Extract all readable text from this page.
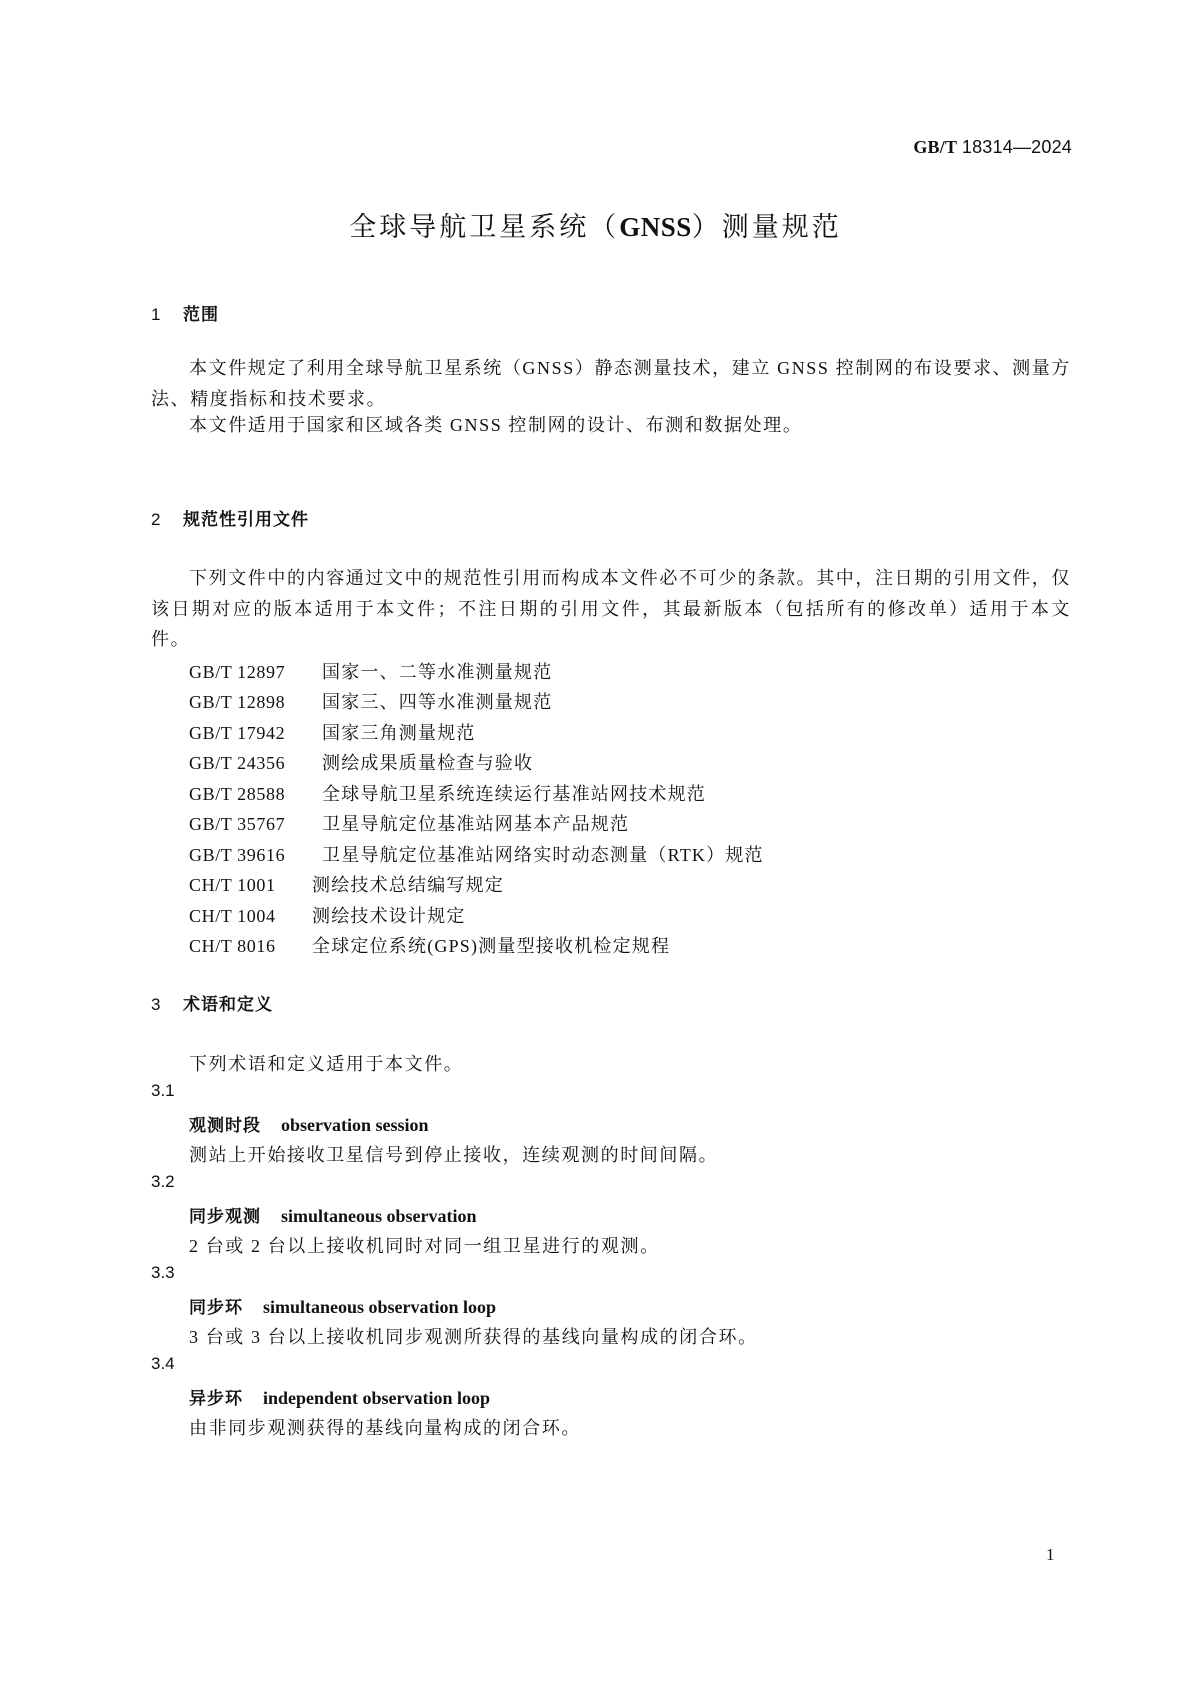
GB/T 18314—2024
全球导航卫星系统（GNSS）测量规范
1 范围
本文件规定了利用全球导航卫星系统（GNSS）静态测量技术，建立 GNSS 控制网的布设要求、测量方法、精度指标和技术要求。
本文件适用于国家和区域各类 GNSS 控制网的设计、布测和数据处理。
2 规范性引用文件
下列文件中的内容通过文中的规范性引用而构成本文件必不可少的条款。其中，注日期的引用文件，仅该日期对应的版本适用于本文件；不注日期的引用文件，其最新版本（包括所有的修改单）适用于本文件。
GB/T 12897 国家一、二等水准测量规范
GB/T 12898 国家三、四等水准测量规范
GB/T 17942 国家三角测量规范
GB/T 24356 测绘成果质量检查与验收
GB/T 28588 全球导航卫星系统连续运行基准站网技术规范
GB/T 35767 卫星导航定位基准站网基本产品规范
GB/T 39616 卫星导航定位基准站网络实时动态测量（RTK）规范
CH/T 1001 测绘技术总结编写规定
CH/T 1004 测绘技术设计规定
CH/T 8016 全球定位系统(GPS)测量型接收机检定规程
3 术语和定义
下列术语和定义适用于本文件。
3.1
观测时段 observation session
测站上开始接收卫星信号到停止接收，连续观测的时间间隔。
3.2
同步观测 simultaneous observation
2 台或 2 台以上接收机同时对同一组卫星进行的观测。
3.3
同步环 simultaneous observation loop
3 台或 3 台以上接收机同步观测所获得的基线向量构成的闭合环。
3.4
异步环 independent observation loop
由非同步观测获得的基线向量构成的闭合环。
1
